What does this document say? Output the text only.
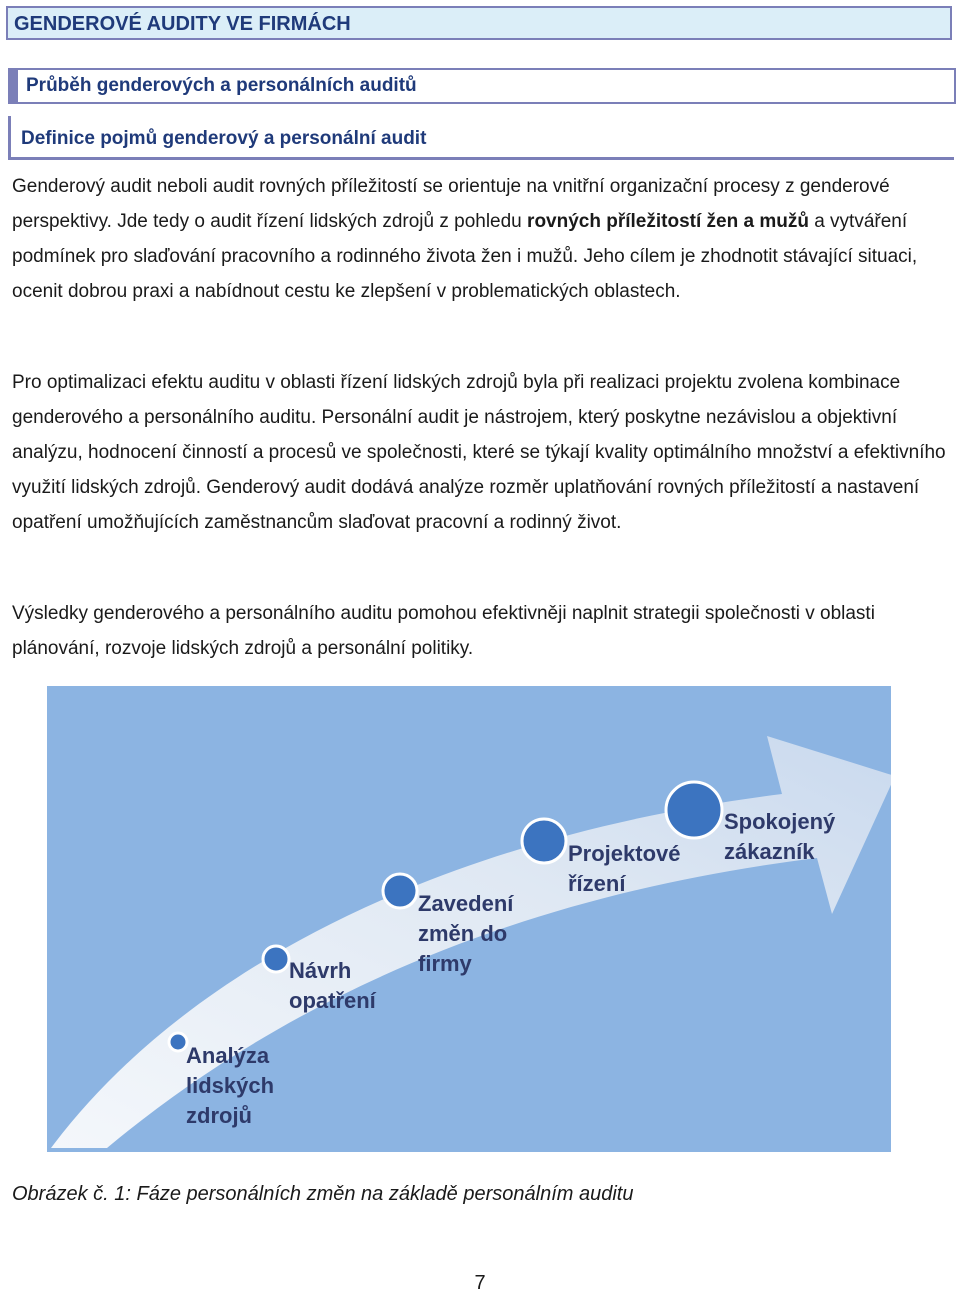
GENDEROVÉ AUDITY VE FIRMÁCH
Průběh genderových a personálních auditů
Definice pojmů genderový a personální audit

Genderový audit neboli audit rovných příležitostí se orientuje na vnitřní organizační procesy z genderové perspektivy. Jde tedy o audit řízení lidských zdrojů z pohledu rovných příležitostí žen a mužů a vytváření podmínek pro slaďování pracovního a rodinného života žen i mužů. Jeho cílem je zhodnotit stávající situaci, ocenit dobrou praxi a nabídnout cestu ke zlepšení v problematických oblastech.

Pro optimalizaci efektu auditu v oblasti řízení lidských zdrojů byla při realizaci projektu zvolena kombinace genderového a personálního auditu. Personální audit je nástrojem, který poskytne nezávislou a objektivní analýzu, hodnocení činností a procesů ve společnosti, které se týkají kvality optimálního množství a efektivního využití lidských zdrojů. Genderový audit dodává analýze rozměr uplatňování rovných příležitostí a nastavení opatření umožňujících zaměstnancům slaďovat pracovní a rodinný život.

Výsledky genderového a personálního auditu pomohou efektivněji naplnit strategii společnosti v oblasti plánování, rozvoje lidských zdrojů a personální politiky.

Analýza
lidských
zdrojů
Návrh
opatření
Zavedení
změn do
firmy
Projektové
řízení
Spokojený
zákazník
Obrázek č. 1: Fáze personálních změn na základě personálním auditu
7
